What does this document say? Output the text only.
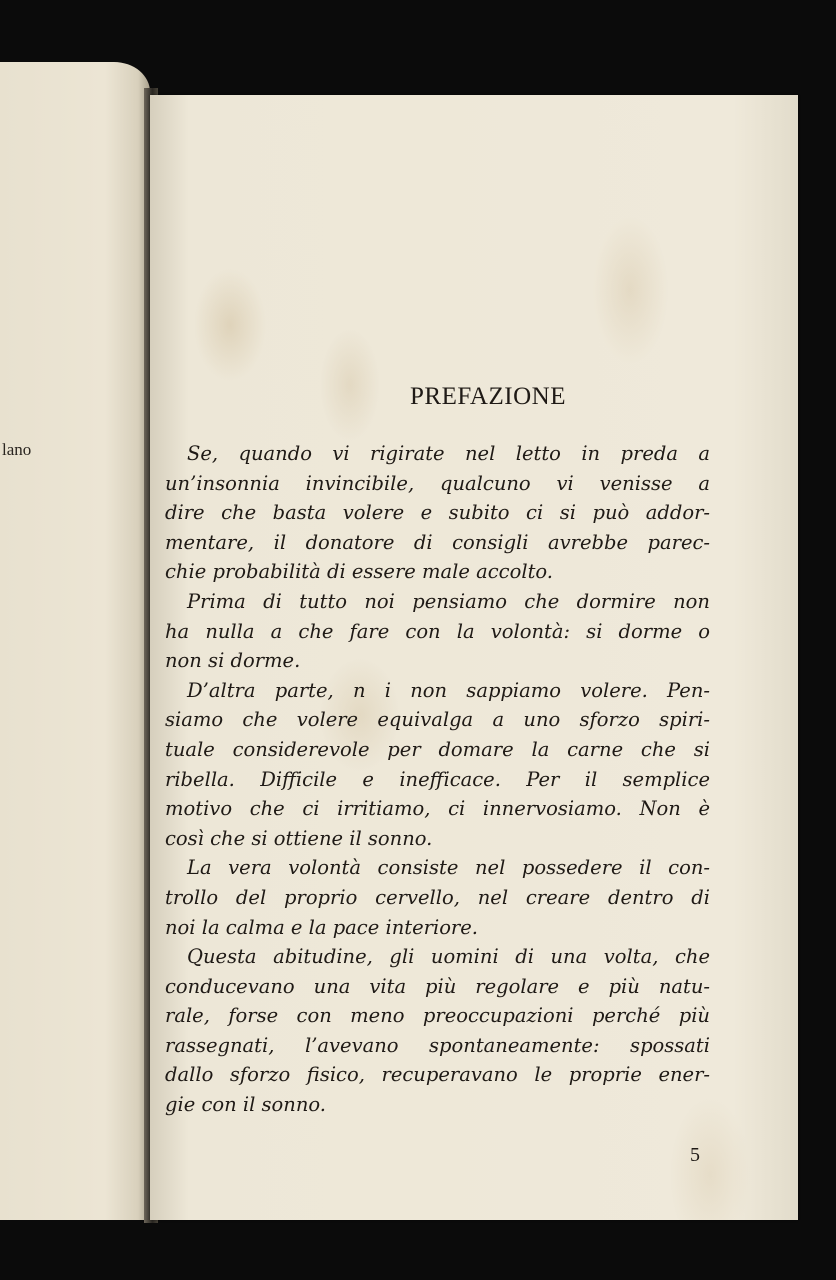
lano
PREFAZIONE
Se, quando vi rigirate nel letto in preda a
un’insonnia invincibile, qualcuno vi venisse a
dire che basta volere e subito ci si può addor-
mentare, il donatore di consigli avrebbe parec-
chie probabilità di essere male accolto.
Prima di tutto noi pensiamo che dormire non
ha nulla a che fare con la volontà: si dorme o
non si dorme.
D’altra parte, n i non sappiamo volere. Pen-
siamo che volere equivalga a uno sforzo spiri-
tuale considerevole per domare la carne che si
ribella. Difficile e inefficace. Per il semplice
motivo che ci irritiamo, ci innervosiamo. Non è
così che si ottiene il sonno.
La vera volontà consiste nel possedere il con-
trollo del proprio cervello, nel creare dentro di
noi la calma e la pace interiore.
Questa abitudine, gli uomini di una volta, che
conducevano una vita più regolare e più natu-
rale, forse con meno preoccupazioni perché più
rassegnati, l’avevano spontaneamente: spossati
dallo sforzo fisico, recuperavano le proprie ener-
gie con il sonno.
5
